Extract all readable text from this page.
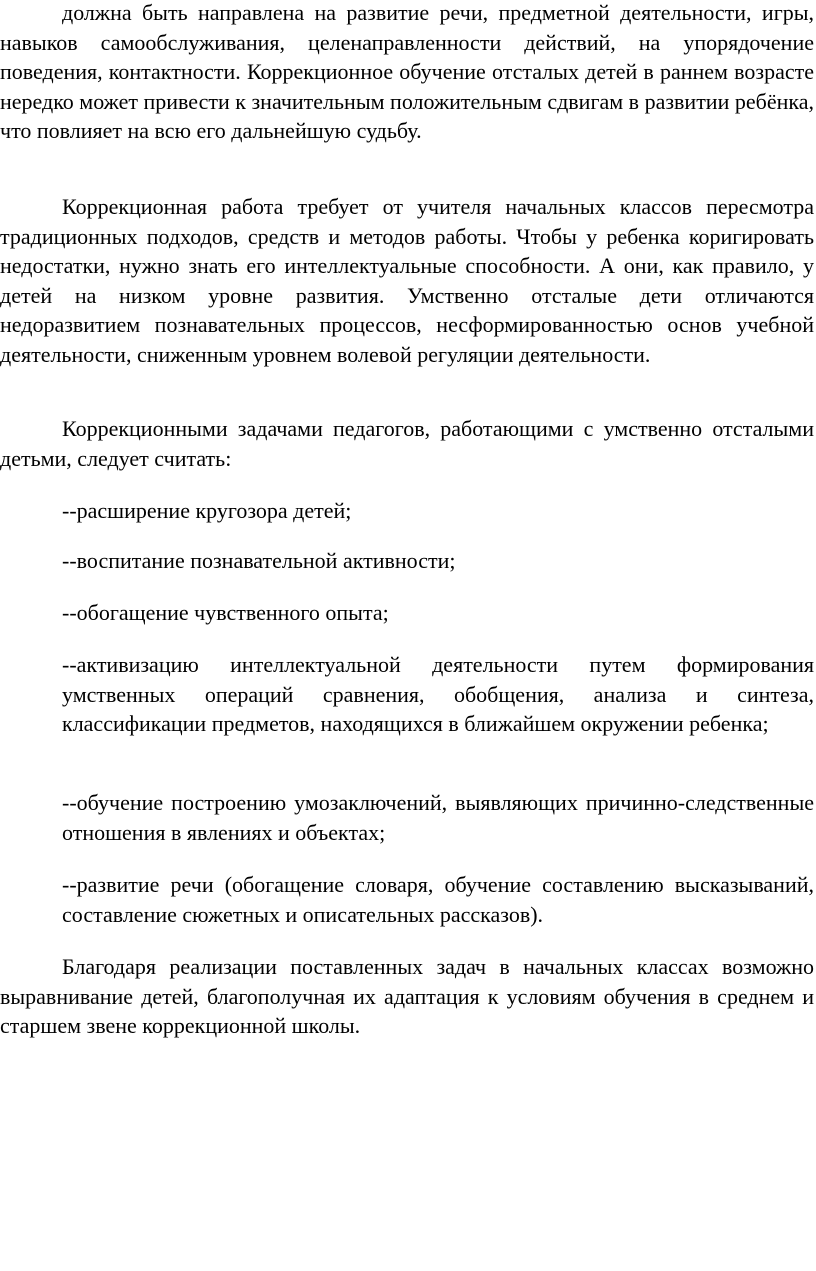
должна быть направлена на развитие речи, предметной деятельности, игры, навыков самообслуживания, целенаправленности действий, на упорядочение поведения, контактности. Коррекционное обучение отсталых детей в раннем возрасте нередко может привести к значительным положительным сдвигам в развитии ребёнка, что повлияет на всю его дальнейшую судьбу.

Коррекционная работа требует от учителя начальных классов пересмотра традиционных подходов, средств и методов работы. Чтобы у ребенка коригировать недостатки, нужно знать его интеллектуальные способности. А они, как правило, у детей на низком уровне развития. Умственно отсталые дети отличаются недоразвитием познавательных процессов, несформированностью основ учебной деятельности, сниженным уровнем волевой регуляции деятельности.

Коррекционными задачами педагогов, работающими с умственно отсталыми детьми, следует считать:

--расширение кругозора детей;

--воспитание познавательной активности;

--обогащение чувственного опыта;

--активизацию интеллектуальной деятельности путем формирования умственных операций сравнения, обобщения, анализа и синтеза, классификации предметов, находящихся в ближайшем окружении ребенка;

--обучение построению умозаключений, выявляющих причинно-следственные отношения в явлениях и объектах;

--развитие речи (обогащение словаря, обучение составлению высказываний, составление сюжетных и описательных рассказов).

Благодаря реализации поставленных задач в начальных классах возможно выравнивание детей, благополучная их адаптация к условиям обучения в среднем и старшем звене коррекционной школы.
